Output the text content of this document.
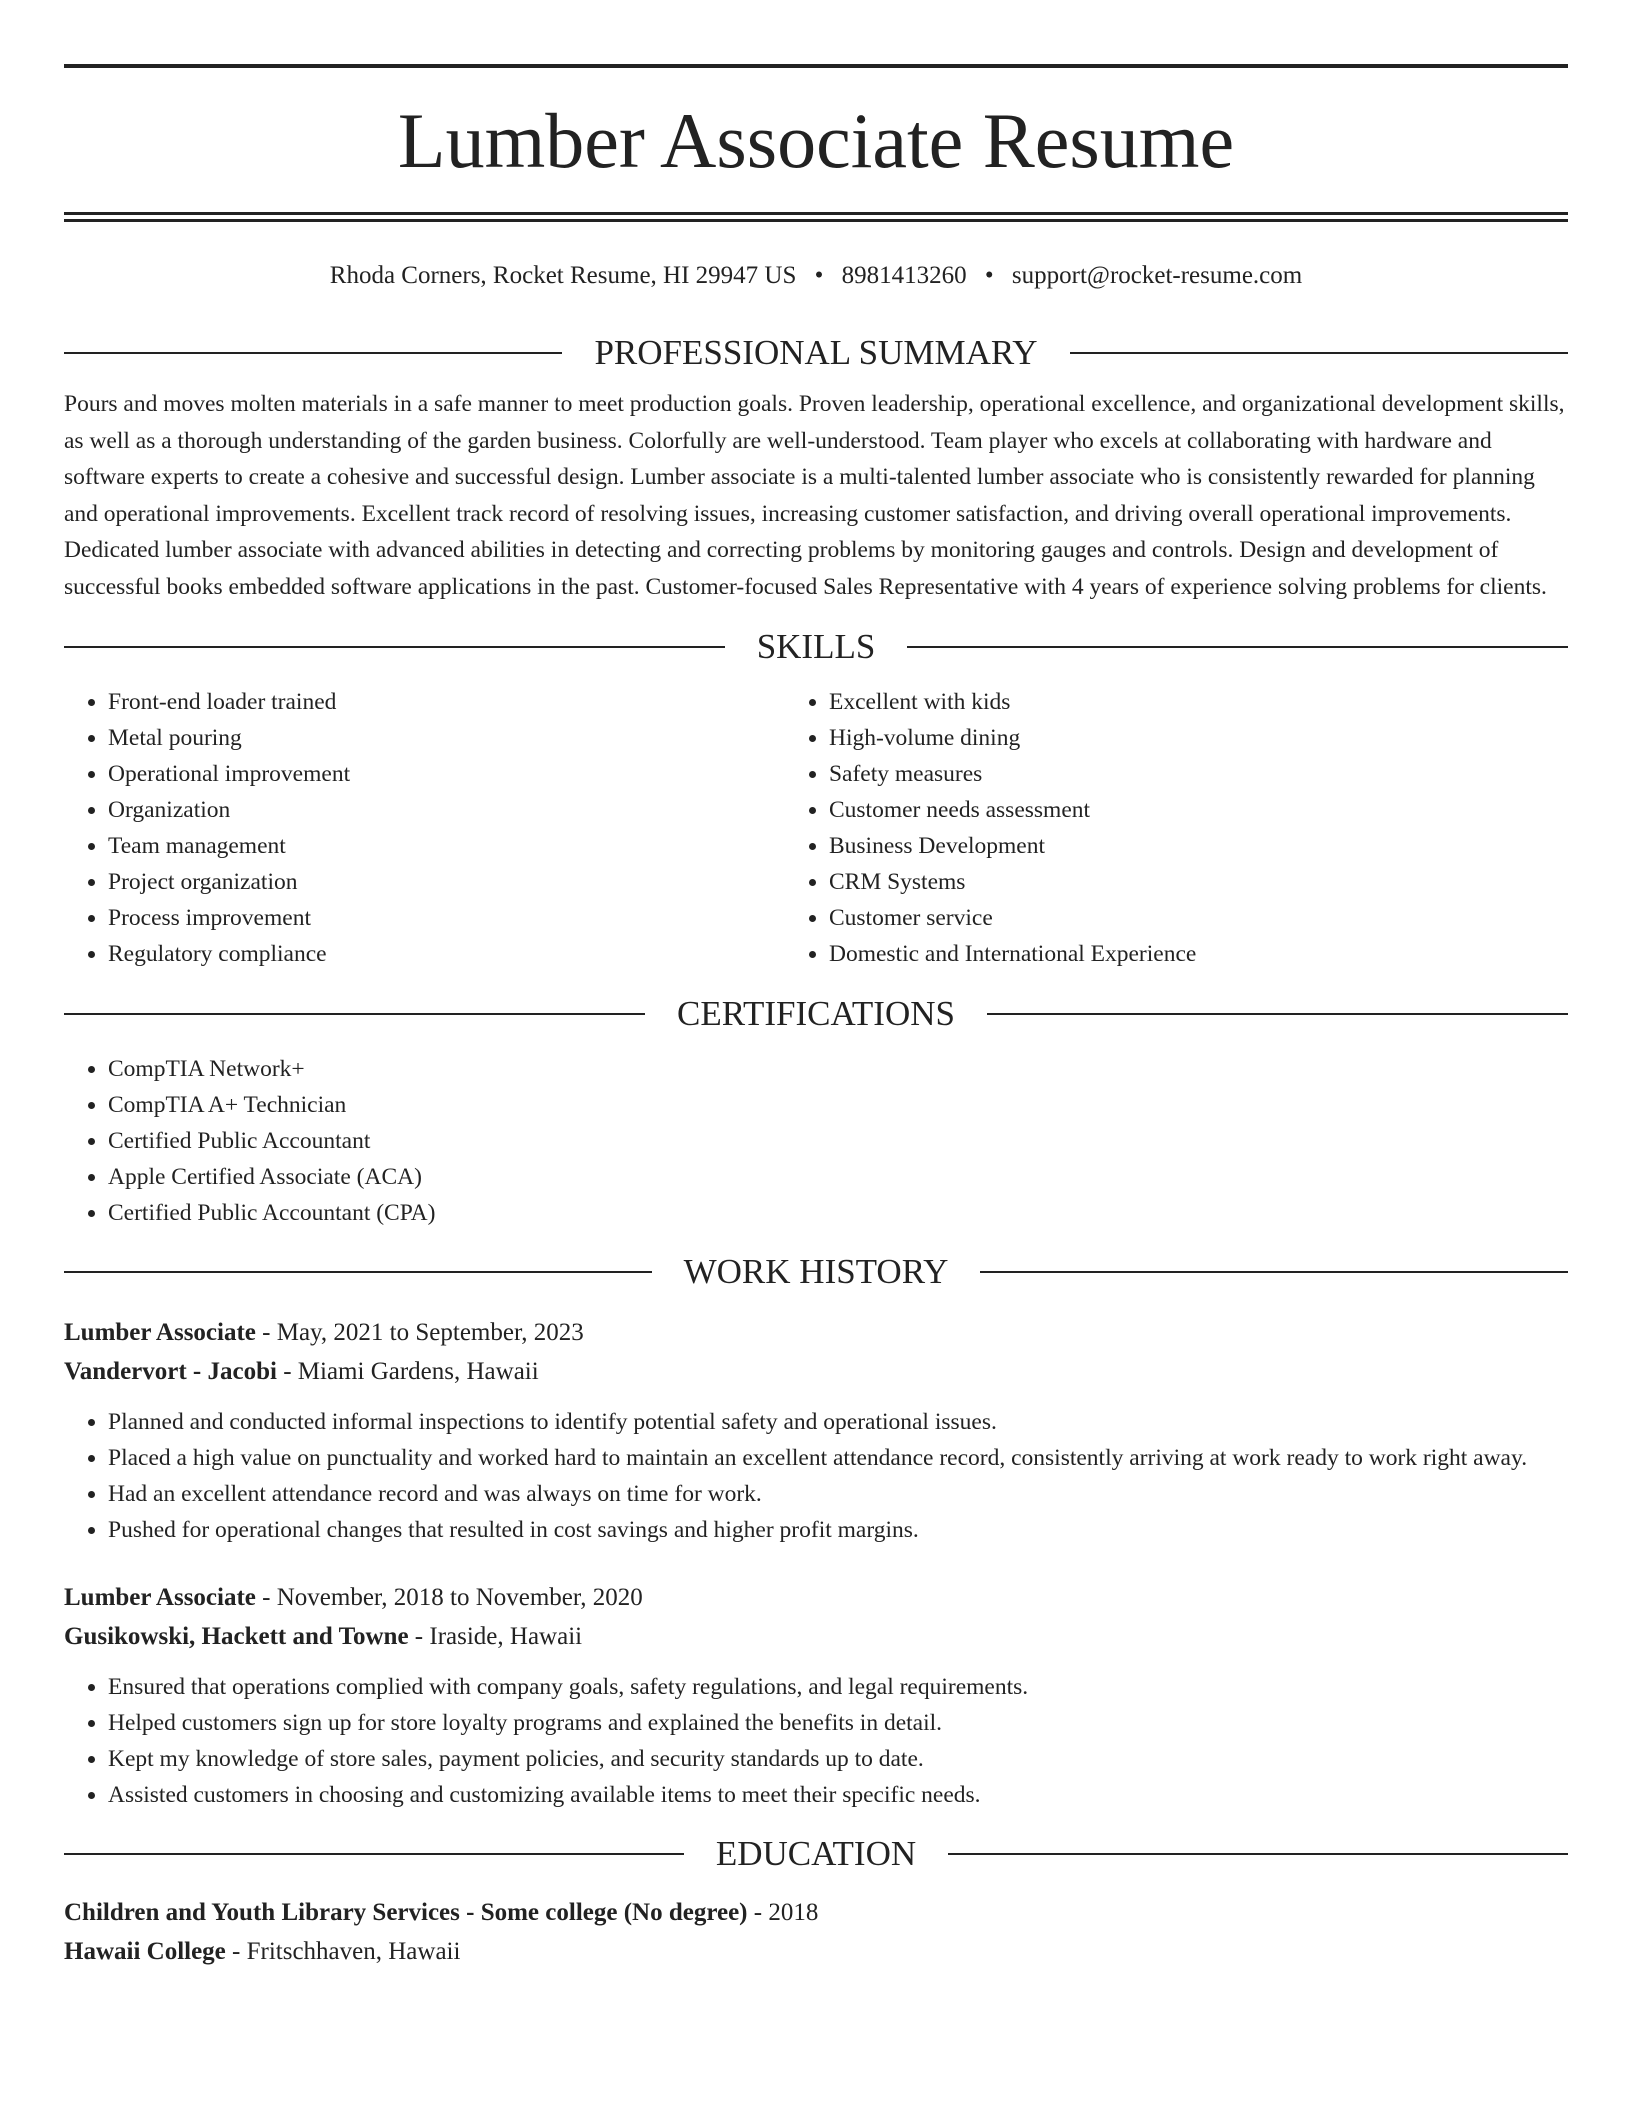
Lumber Associate Resume
Rhoda Corners, Rocket Resume, HI 29947 US • 8981413260 • support@rocket-resume.com
PROFESSIONAL SUMMARY

Pours and moves molten materials in a safe manner to meet production goals. Proven leadership, operational excellence, and organizational development skills, as well as a thorough understanding of the garden business. Colorfully are well-understood. Team player who excels at collaborating with hardware and software experts to create a cohesive and successful design. Lumber associate is a multi-talented lumber associate who is consistently rewarded for planning and operational improvements. Excellent track record of resolving issues, increasing customer satisfaction, and driving overall operational improvements. Dedicated lumber associate with advanced abilities in detecting and correcting problems by monitoring gauges and controls. Design and development of successful books embedded software applications in the past. Customer-focused Sales Representative with 4 years of experience solving problems for clients.

SKILLS
• Front-end loader trained
• Metal pouring
• Operational improvement
• Organization
• Team management
• Project organization
• Process improvement
• Regulatory compliance
• Excellent with kids
• High-volume dining
• Safety measures
• Customer needs assessment
• Business Development
• CRM Systems
• Customer service
• Domestic and International Experience
CERTIFICATIONS
• CompTIA Network+
• CompTIA A+ Technician
• Certified Public Accountant
• Apple Certified Associate (ACA)
• Certified Public Accountant (CPA)
WORK HISTORY
Lumber Associate - May, 2021 to September, 2023
Vandervort - Jacobi - Miami Gardens, Hawaii
• Planned and conducted informal inspections to identify potential safety and operational issues.
• Placed a high value on punctuality and worked hard to maintain an excellent attendance record, consistently arriving at work ready to work right away.
• Had an excellent attendance record and was always on time for work.
• Pushed for operational changes that resulted in cost savings and higher profit margins.
Lumber Associate - November, 2018 to November, 2020
Gusikowski, Hackett and Towne - Iraside, Hawaii
• Ensured that operations complied with company goals, safety regulations, and legal requirements.
• Helped customers sign up for store loyalty programs and explained the benefits in detail.
• Kept my knowledge of store sales, payment policies, and security standards up to date.
• Assisted customers in choosing and customizing available items to meet their specific needs.
EDUCATION
Children and Youth Library Services - Some college (No degree) - 2018
Hawaii College - Fritschhaven, Hawaii
